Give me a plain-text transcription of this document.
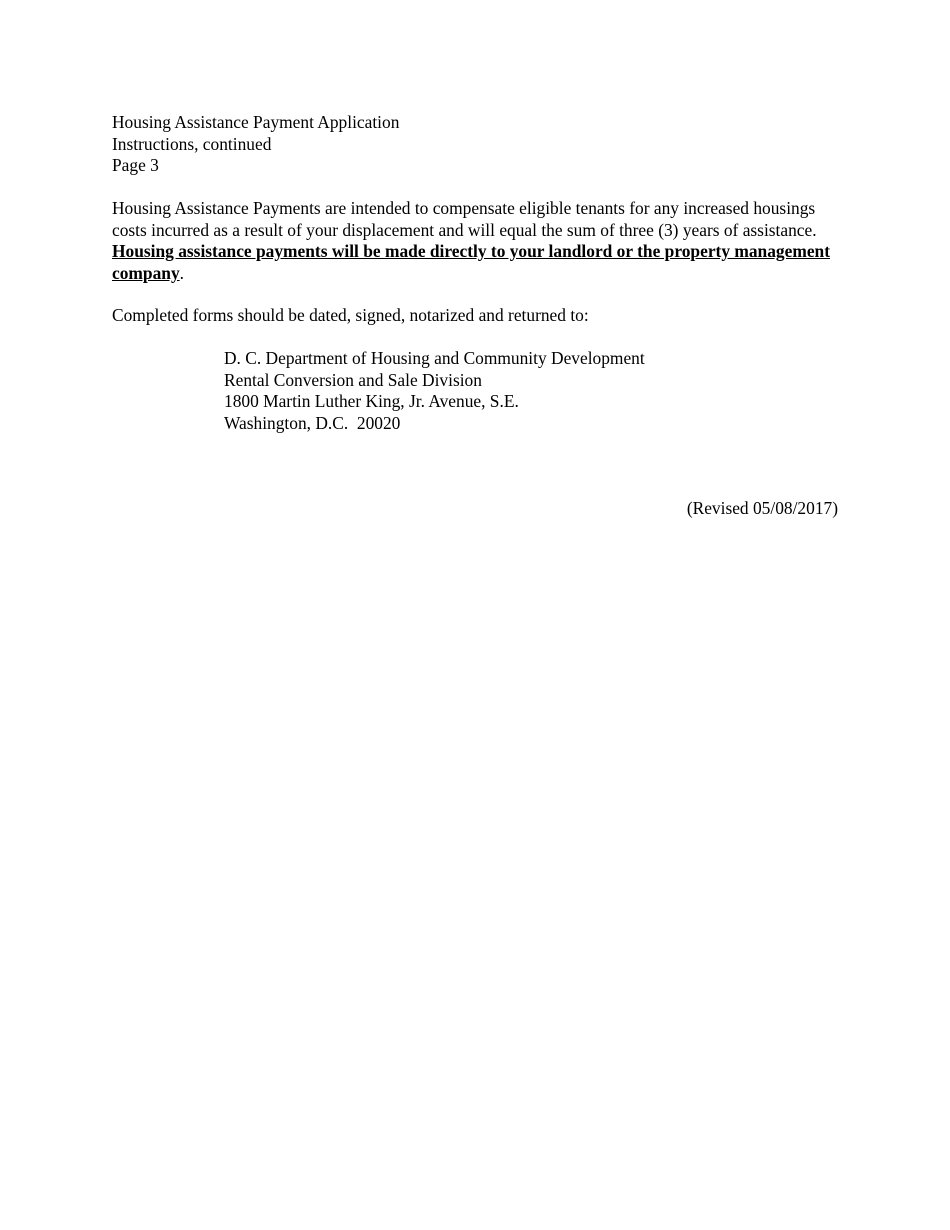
Housing Assistance Payment Application
Instructions, continued
Page 3
Housing Assistance Payments are intended to compensate eligible tenants for any increased housings costs incurred as a result of your displacement and will equal the sum of three (3) years of assistance.  Housing assistance payments will be made directly to your landlord or the property management company.
Completed forms should be dated, signed, notarized and returned to:
D. C. Department of Housing and Community Development
Rental Conversion and Sale Division
1800 Martin Luther King, Jr. Avenue, S.E.
Washington, D.C.  20020
(Revised 05/08/2017)
